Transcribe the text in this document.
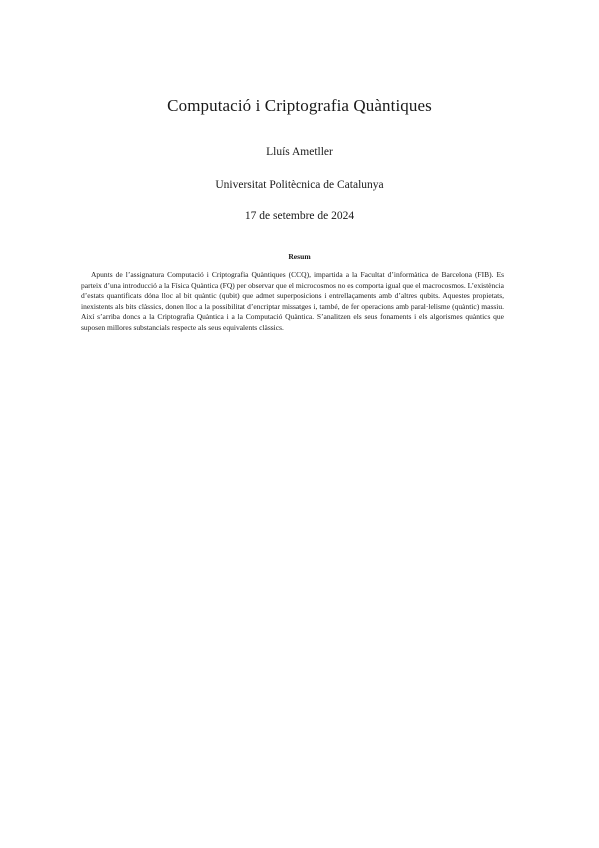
Computació i Criptografia Quàntiques
Lluís Ametller
Universitat Politècnica de Catalunya
17 de setembre de 2024
Resum
Apunts de l’assignatura Computació i Criptografia Quàntiques (CCQ), impartida a la Facultat d’informàtica de Barcelona (FIB). Es parteix d’una introducció a la Física Quàntica (FQ) per observar que el microcosmos no es comporta igual que el macrocosmos. L’existència d’estats quantificats dóna lloc al bit quàntic (qubit) que admet superposicions i entrellaçaments amb d’altres qubits. Aquestes propietats, inexistents als bits clàssics, donen lloc a la possibilitat d’encriptar missatges i, també, de fer operacions amb paral·lelisme (quàntic) massiu. Així s’arriba doncs a la Criptografia Quàntica i a la Computació Quàntica. S’analitzen els seus fonaments i els algorismes quàntics que suposen millores substancials respecte als seus equivalents clàssics.
